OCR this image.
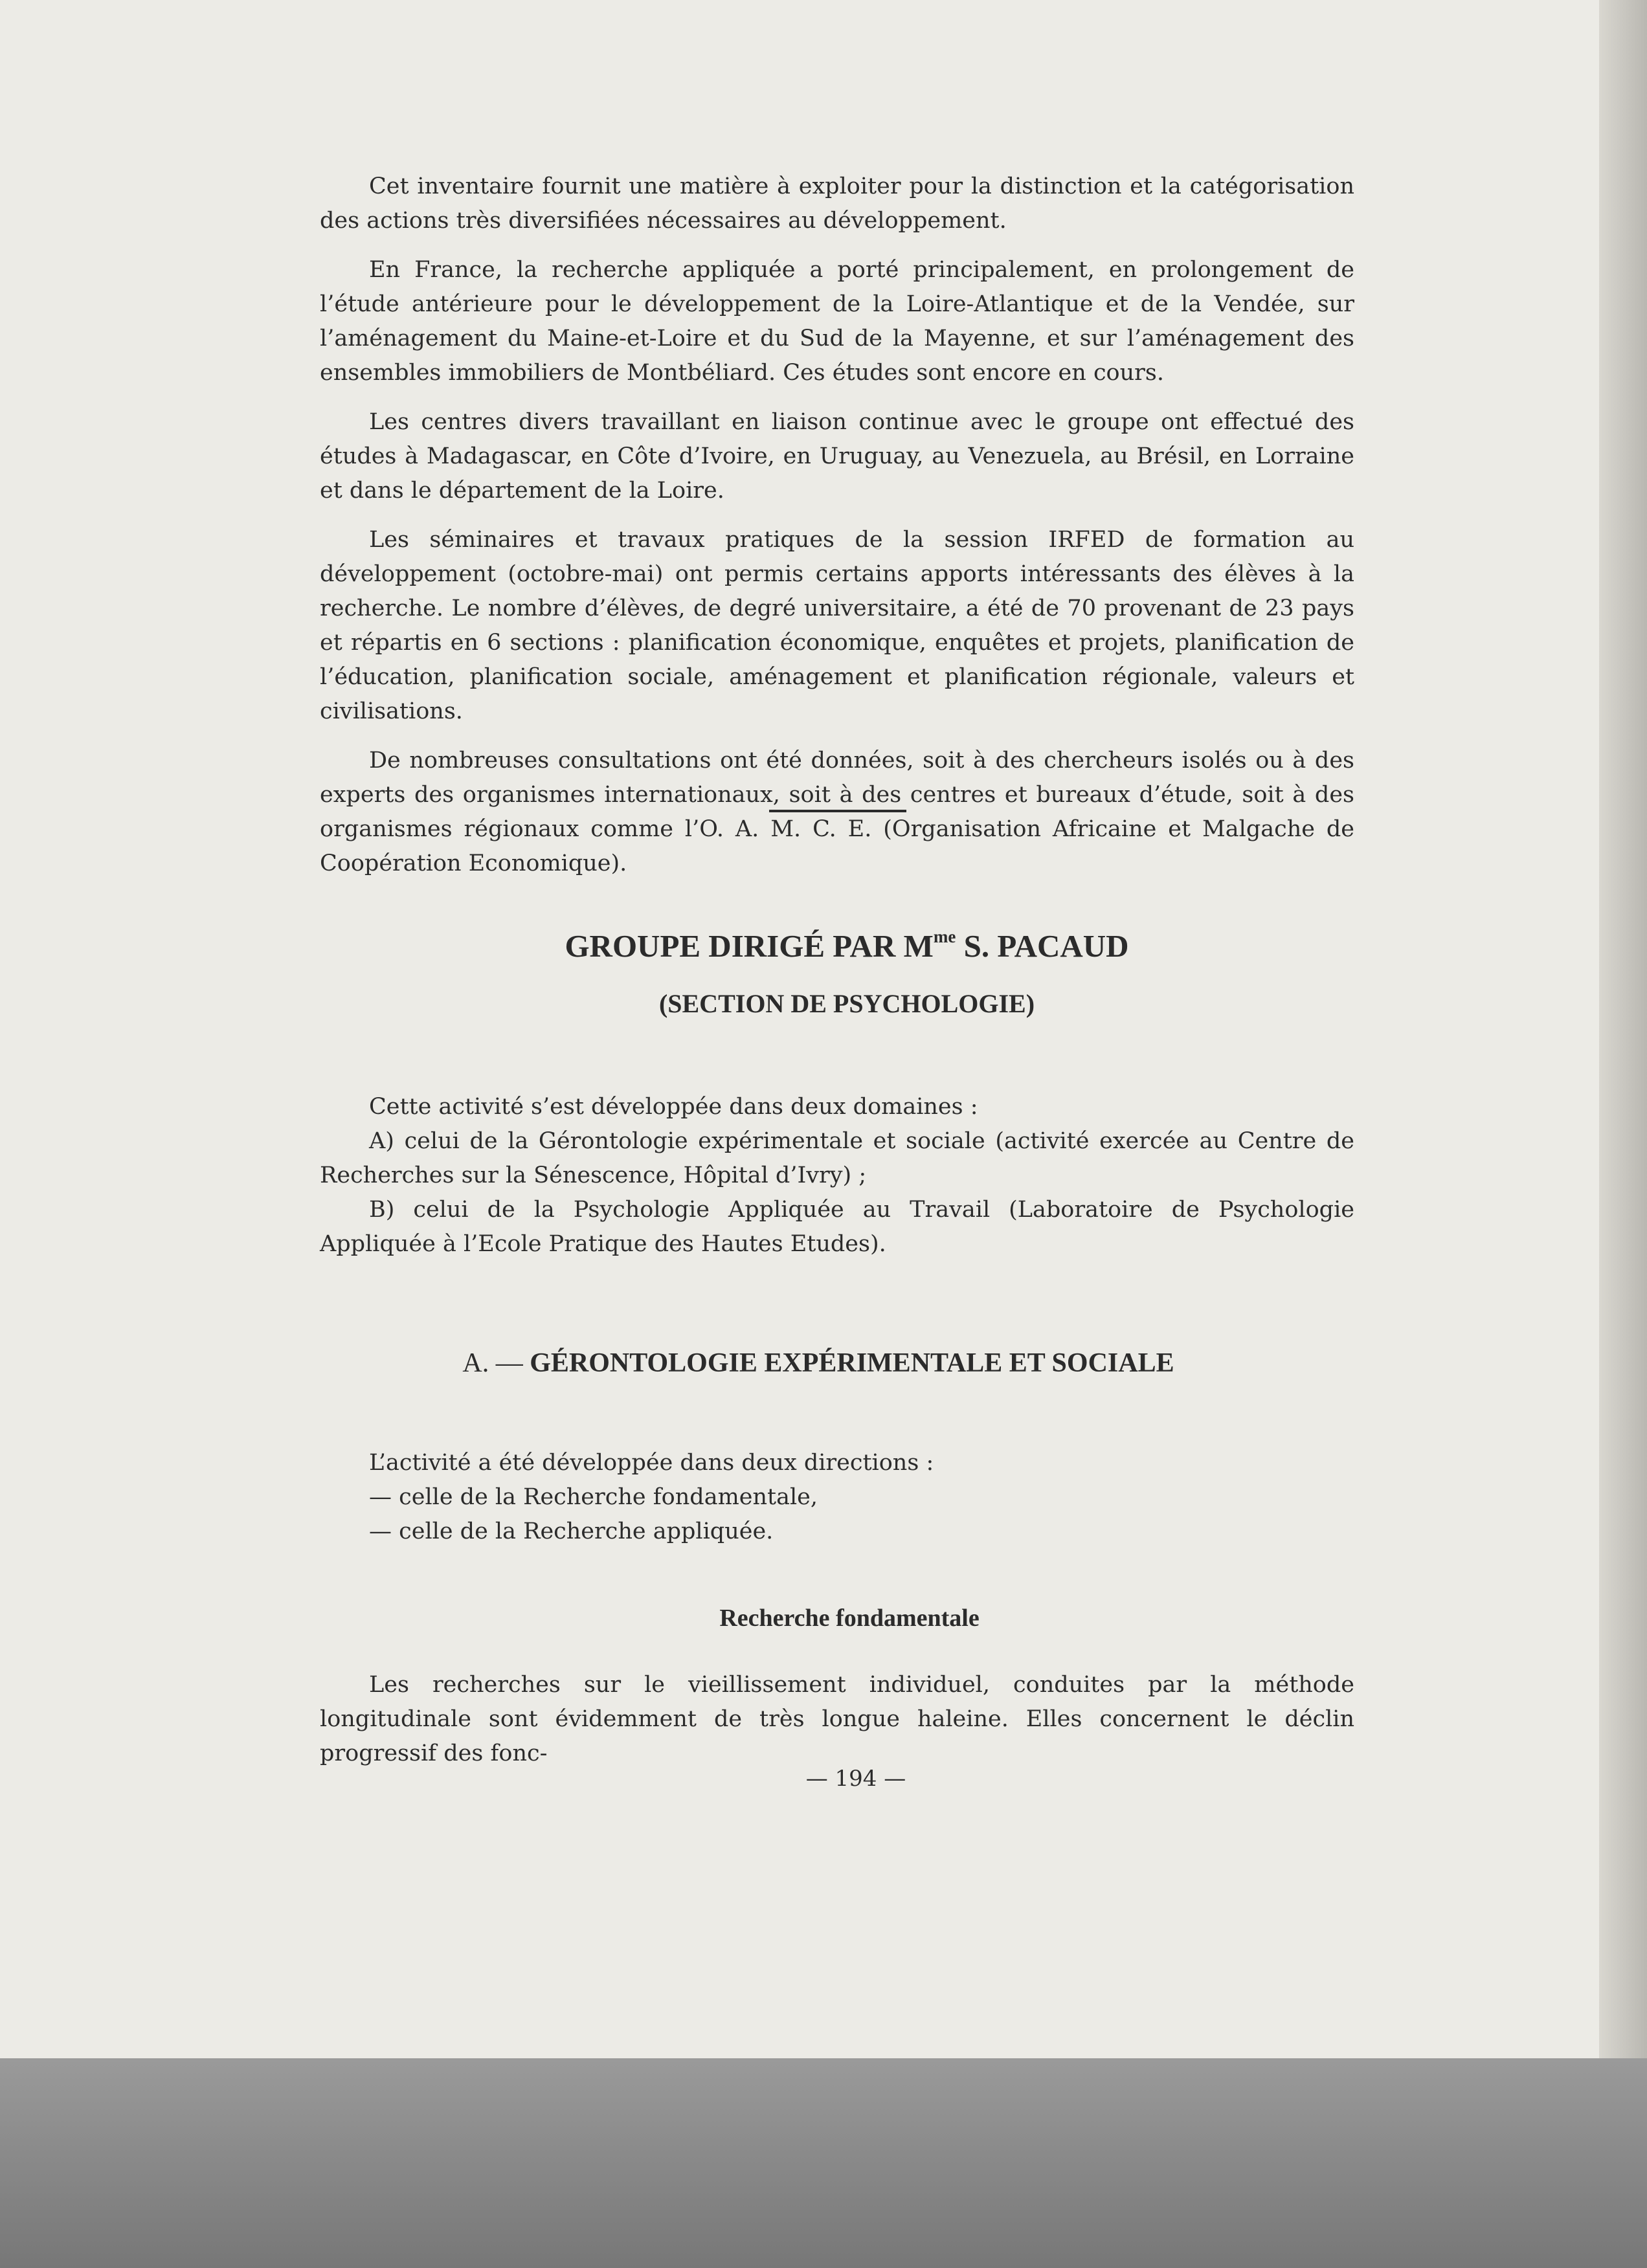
Cet inventaire fournit une matière à exploiter pour la distinction et la catégorisation des actions très diversifiées nécessaires au développement.

En France, la recherche appliquée a porté principalement, en prolongement de l’étude antérieure pour le développement de la Loire-Atlantique et de la Vendée, sur l’aménagement du Maine-et-Loire et du Sud de la Mayenne, et sur l’aménagement des ensembles immobiliers de Montbéliard. Ces études sont encore en cours.

Les centres divers travaillant en liaison continue avec le groupe ont effectué des études à Madagascar, en Côte d’Ivoire, en Uruguay, au Venezuela, au Brésil, en Lorraine et dans le département de la Loire.

Les séminaires et travaux pratiques de la session IRFED de formation au développement (octobre-mai) ont permis certains apports intéressants des élèves à la recherche. Le nombre d’élèves, de degré universitaire, a été de 70 provenant de 23 pays et répartis en 6 sections : planification économique, enquêtes et projets, planification de l’éducation, planification sociale, aménagement et planification régionale, valeurs et civilisations.

De nombreuses consultations ont été données, soit à des chercheurs isolés ou à des experts des organismes internationaux, soit à des centres et bureaux d’étude, soit à des organismes régionaux comme l’O. A. M. C. E. (Organisation Africaine et Malgache de Coopération Economique).

GROUPE DIRIGÉ PAR $M^{me}$ S. PACAUD
(SECTION DE PSYCHOLOGIE)

Cette activité s’est développée dans deux domaines :

A) celui de la Gérontologie expérimentale et sociale (activité exercée au Centre de Recherches sur la Sénescence, Hôpital d’Ivry) ;

B) celui de la Psychologie Appliquée au Travail (Laboratoire de Psychologie Appliquée à l’Ecole Pratique des Hautes Etudes).

A. — GÉRONTOLOGIE EXPÉRIMENTALE ET SOCIALE

L’activité a été développée dans deux directions :

— celle de la Recherche fondamentale,

— celle de la Recherche appliquée.

Recherche fondamentale

Les recherches sur le vieillissement individuel, conduites par la méthode longitudinale sont évidemment de très longue haleine. Elles concernent le déclin progressif des fonc-

— 194 —
